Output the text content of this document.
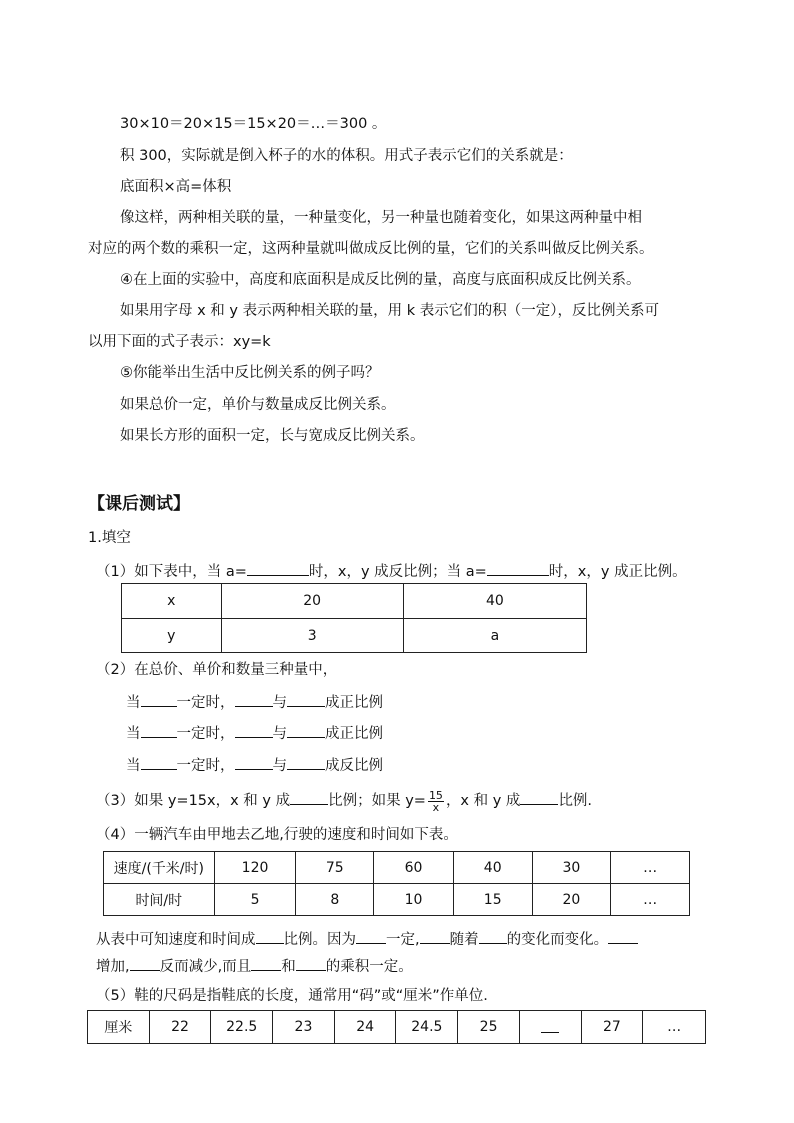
30×10＝20×15＝15×20＝…＝300 。
积 300，实际就是倒入杯子的水的体积。用式子表示它们的关系就是：
底面积×高=体积
像这样，两种相关联的量，一种量变化，另一种量也随着变化，如果这两种量中相
对应的两个数的乘积一定，这两种量就叫做成反比例的量，它们的关系叫做反比例关系。
④在上面的实验中，高度和底面积是成反比例的量，高度与底面积成反比例关系。
如果用字母 x 和 y 表示两种相关联的量，用 k 表示它们的积（一定），反比例关系可
以用下面的式子表示：xy=k
⑤你能举出生活中反比例关系的例子吗？
如果总价一定，单价与数量成反比例关系。
如果长方形的面积一定，长与宽成反比例关系。
【课后测试】
1.填空
（1）如下表中，当 a=	时，x，y 成反比例；当 a=	时，x，y 成正比例。
x	20	40
y	3	a
（2）在总价、单价和数量三种量中，
当 一定时，	与	成正比例
当 一定时，	与	成正比例
当 一定时，	与	成反比例
（3）如果 y=15x，x 和 y 成	比例；如果 $y= \frac{15}{x}$ ，x 和 y 成	比例.
（4）一辆汽车由甲地去乙地,行驶的速度和时间如下表。
速度/(千米/时)	120	75	60	40	30	…
时间/时	5	8	10	15	20	…
从表中可知速度和时间成 比例。因为 一定, 随着 的变化而变化。
增加, 反而减少,而且 和 的乘积一定。
（5）鞋的尺码是指鞋底的长度，通常用“码”或“厘米”作单位.
厘米	22	22.5	23	24	24.5	25		27	…
